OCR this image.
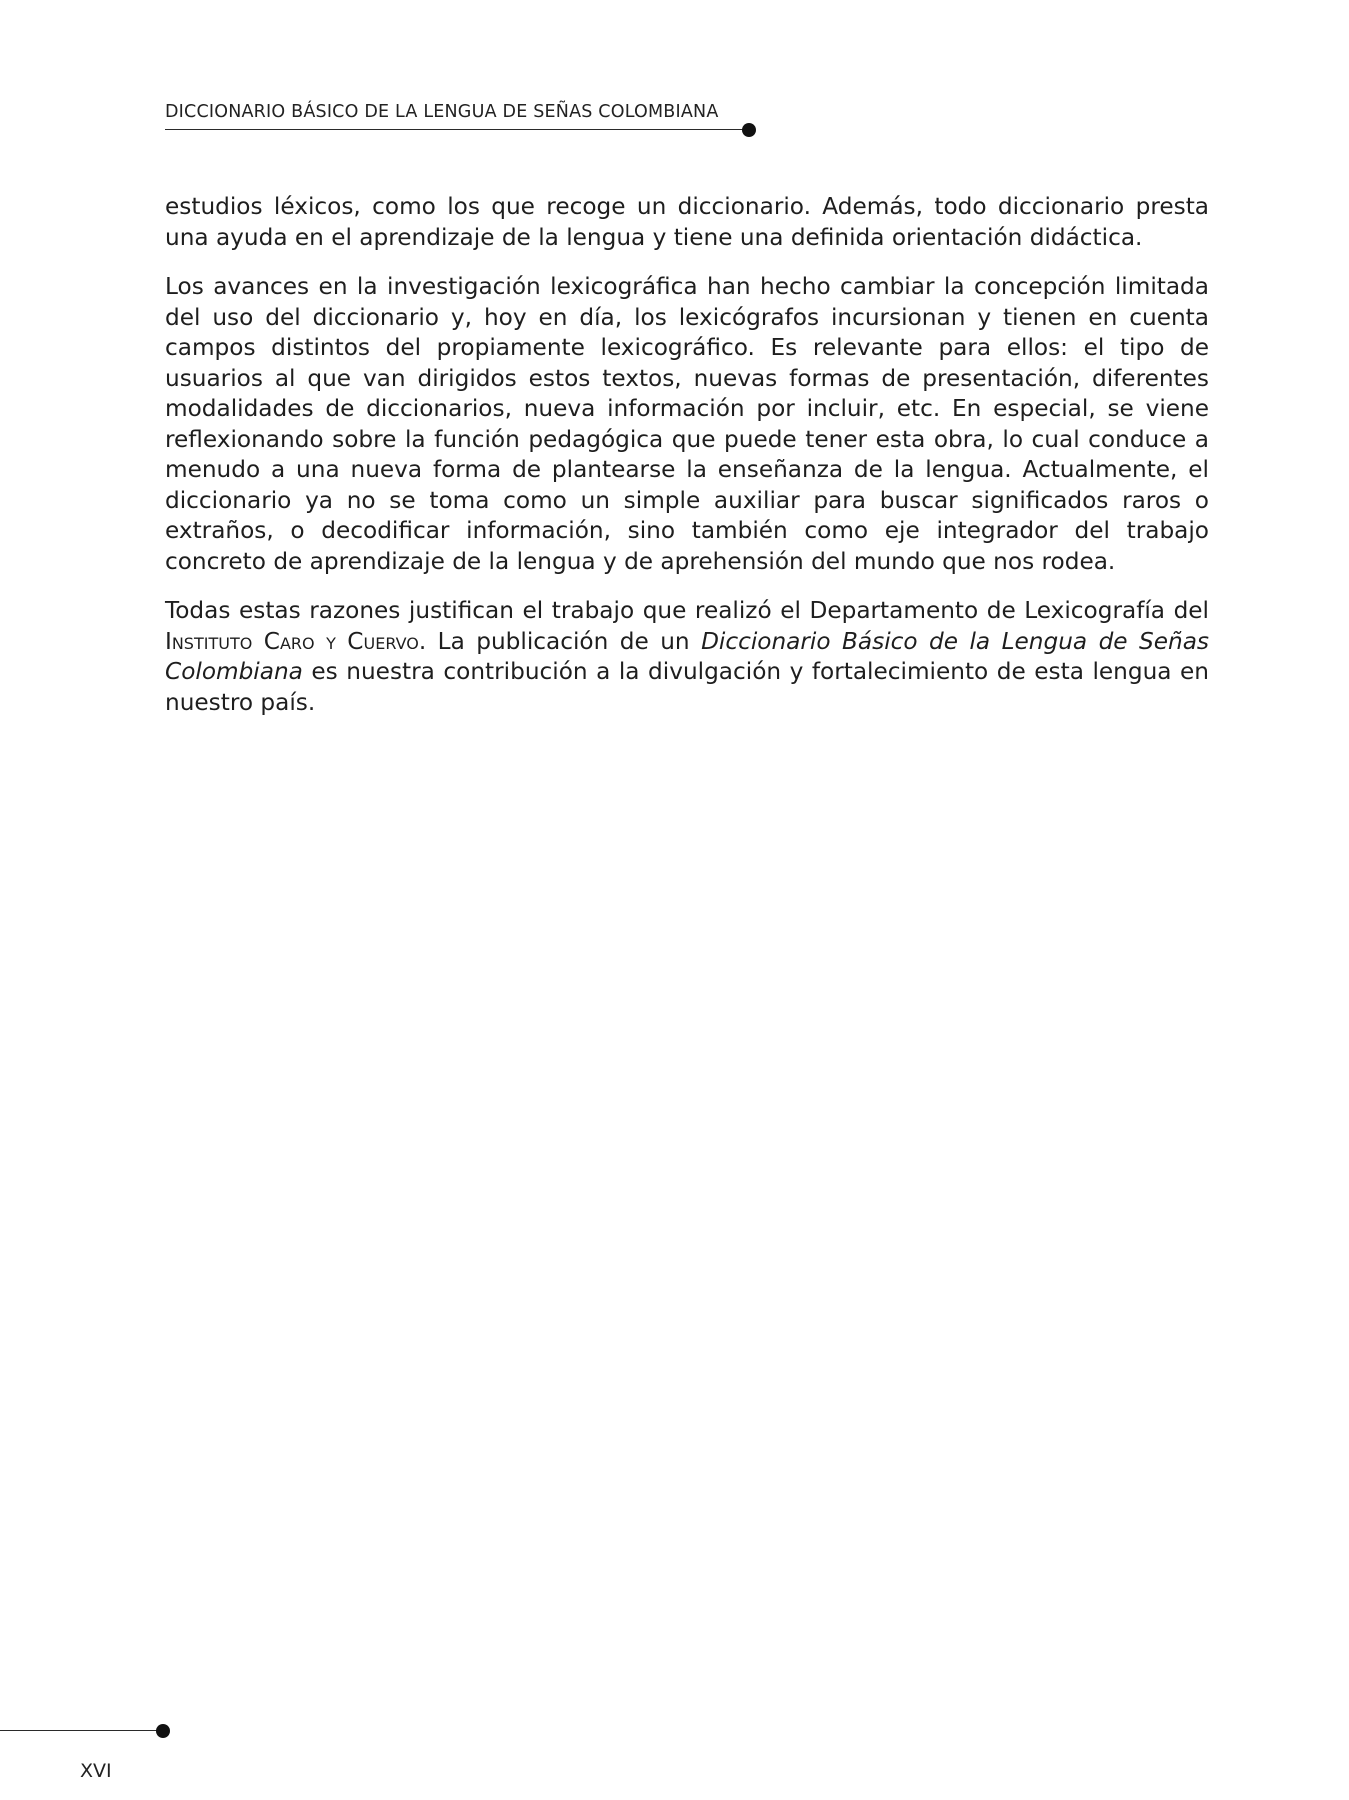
DICCIONARIO BÁSICO DE LA LENGUA DE SEÑAS COLOMBIANA

estudios léxicos, como los que recoge un diccionario. Además, todo diccionario presta una ayuda en el aprendizaje de la lengua y tiene una definida orientación didáctica.

Los avances en la investigación lexicográfica han hecho cambiar la concepción limitada del uso del diccionario y, hoy en día, los lexicógrafos incursionan y tienen en cuenta campos distintos del propiamente lexicográfico. Es relevante para ellos: el tipo de usuarios al que van dirigidos estos textos, nuevas formas de presentación, diferentes modalidades de diccionarios, nueva información por incluir, etc. En especial, se viene reflexionando sobre la función pedagógica que puede tener esta obra, lo cual conduce a menudo a una nueva forma de plantearse la enseñanza de la lengua. Actualmente, el diccionario ya no se toma como un simple auxiliar para buscar significados raros o extraños, o decodificar información, sino también como eje integrador del trabajo concreto de aprendizaje de la lengua y de aprehensión del mundo que nos rodea.

Todas estas razones justifican el trabajo que realizó el Departamento de Lexicografía del Instituto Caro y Cuervo. La publicación de un Diccionario Básico de la Lengua de Señas Colombiana es nuestra contribución a la divulgación y fortalecimiento de esta lengua en nuestro país.

XVI
